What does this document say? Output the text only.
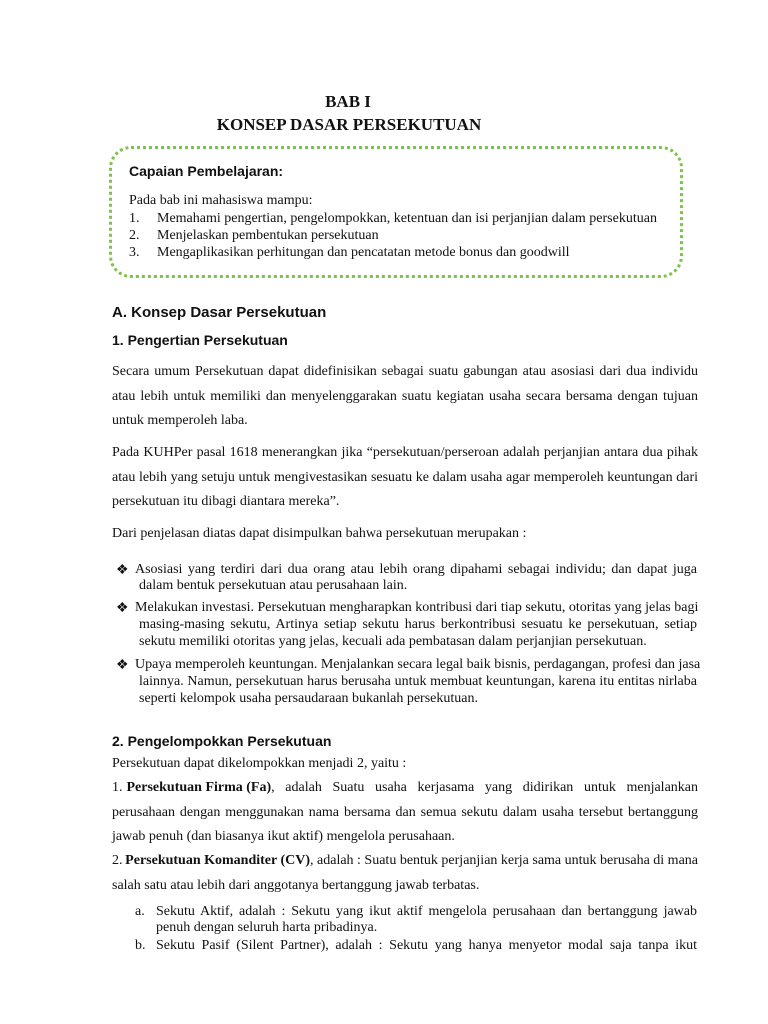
BAB I
KONSEP DASAR PERSEKUTUAN
Capaian Pembelajaran:
Pada bab ini mahasiswa mampu:
1. Memahami pengertian, pengelompokkan, ketentuan dan isi perjanjian dalam persekutuan
2. Menjelaskan pembentukan persekutuan
3. Mengaplikasikan perhitungan dan pencatatan metode bonus dan goodwill
A. Konsep Dasar Persekutuan
1. Pengertian Persekutuan
Secara umum Persekutuan dapat didefinisikan sebagai suatu gabungan atau asosiasi dari dua individu
atau lebih untuk memiliki dan menyelenggarakan suatu kegiatan usaha secara bersama dengan tujuan
untuk memperoleh laba.
Pada KUHPer pasal 1618 menerangkan jika “persekutuan/perseroan adalah perjanjian antara dua pihak
atau lebih yang setuju untuk mengivestasikan sesuatu ke dalam usaha agar memperoleh keuntungan dari
persekutuan itu dibagi diantara mereka”.
Dari penjelasan diatas dapat disimpulkan bahwa persekutuan merupakan :
❖ Asosiasi yang terdiri dari dua orang atau lebih orang dipahami sebagai individu; dan dapat juga
dalam bentuk persekutuan atau perusahaan lain.
❖ Melakukan investasi. Persekutuan mengharapkan kontribusi dari tiap sekutu, otoritas yang jelas bagi
masing-masing sekutu, Artinya setiap sekutu harus berkontribusi sesuatu ke persekutuan, setiap
sekutu memiliki otoritas yang jelas, kecuali ada pembatasan dalam perjanjian persekutuan.
❖ Upaya memperoleh keuntungan. Menjalankan secara legal baik bisnis, perdagangan, profesi dan jasa
lainnya. Namun, persekutuan harus berusaha untuk membuat keuntungan, karena itu entitas nirlaba
seperti kelompok usaha persaudaraan bukanlah persekutuan.
2. Pengelompokkan Persekutuan
Persekutuan dapat dikelompokkan menjadi 2, yaitu :
1. Persekutuan Firma (Fa) , adalah Suatu usaha kerjasama yang didirikan untuk menjalankan
perusahaan dengan menggunakan nama bersama dan semua sekutu dalam usaha tersebut bertanggung
jawab penuh (dan biasanya ikut aktif) mengelola perusahaan.
2. Persekutuan Komanditer (CV) , adalah : Suatu bentuk perjanjian kerja sama untuk berusaha di mana
salah satu atau lebih dari anggotanya bertanggung jawab terbatas.
a. Sekutu Aktif, adalah : Sekutu yang ikut aktif mengelola perusahaan dan bertanggung jawab
penuh dengan seluruh harta pribadinya.
b. Sekutu Pasif (Silent Partner), adalah : Sekutu yang hanya menyetor modal saja tanpa ikut
